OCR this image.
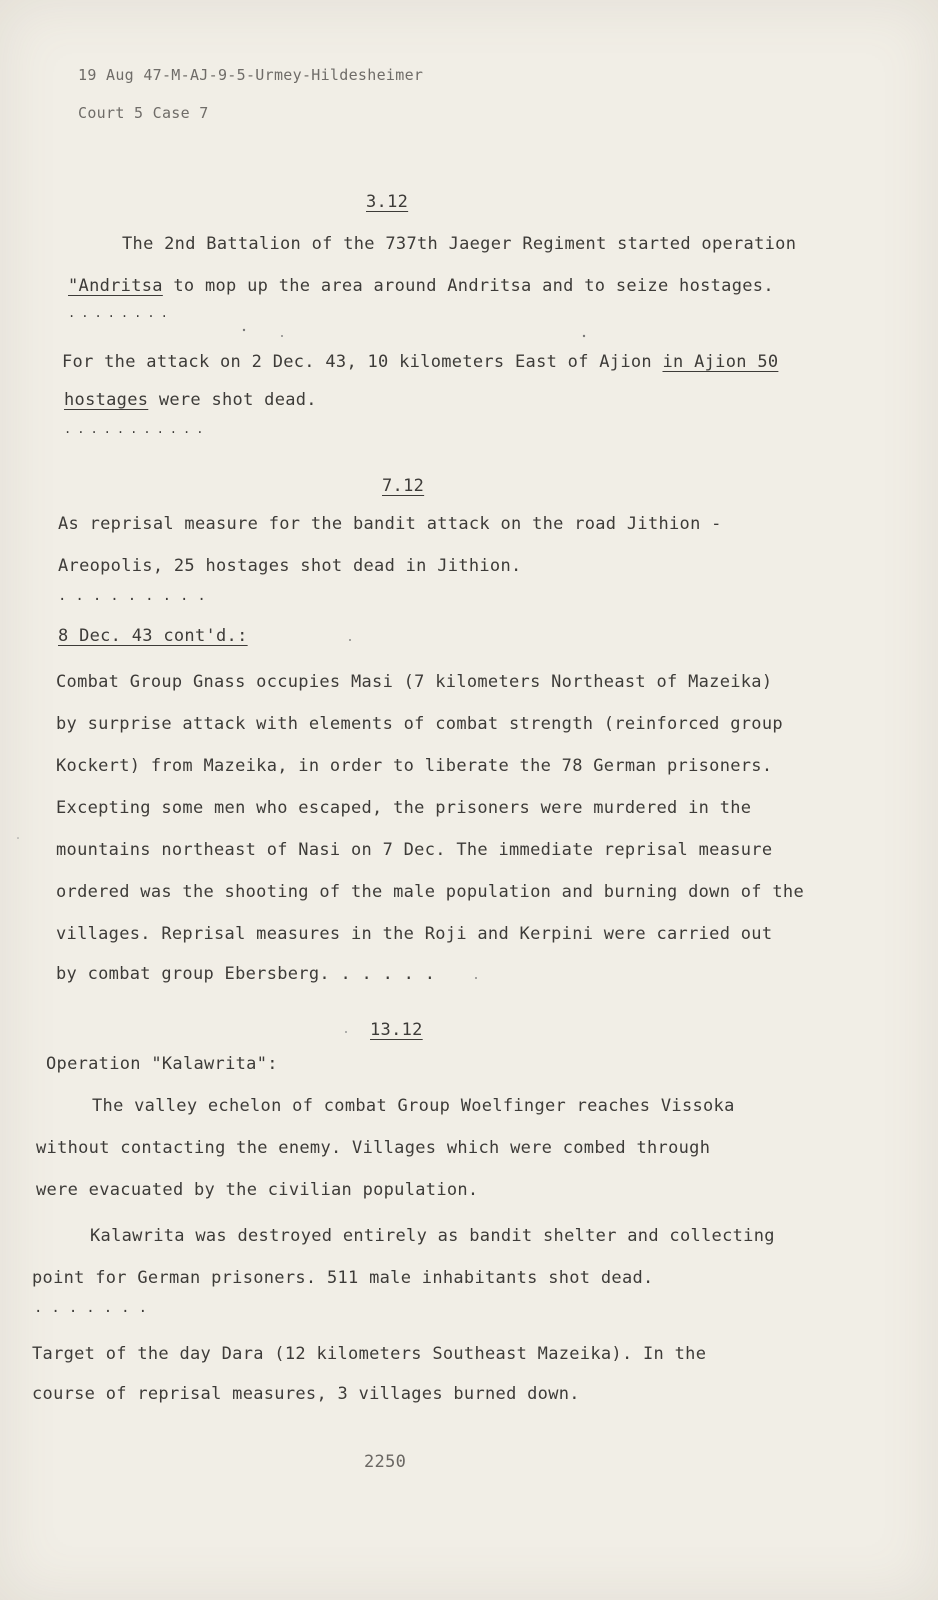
19 Aug 47-M-AJ-9-5-Urmey-Hildesheimer
Court 5 Case 7
3.12
The 2nd Battalion of the 737th Jaeger Regiment started operation
"Andritsa to mop up the area around Andritsa and to seize hostages.
........
For the attack on 2 Dec. 43, 10 kilometers East of Ajion in Ajion 50
hostages were shot dead.
...........
7.12
As reprisal measure for the bandit attack on the road Jithion -
Areopolis, 25 hostages shot dead in Jithion.
.........
8 Dec. 43 cont'd.:
Combat Group Gnass occupies Masi (7 kilometers Northeast of Mazeika)
by surprise attack with elements of combat strength (reinforced group
Kockert) from Mazeika, in order to liberate the 78 German prisoners.
Excepting some men who escaped, the prisoners were murdered in the
mountains northeast of Nasi on 7 Dec. The immediate reprisal measure
ordered was the shooting of the male population and burning down of the
villages. Reprisal measures in the Roji and Kerpini were carried out
by combat group Ebersberg. . . . . .
13.12
Operation "Kalawrita":
The valley echelon of combat Group Woelfinger reaches Vissoka
without contacting the enemy. Villages which were combed through
were evacuated by the civilian population.
Kalawrita was destroyed entirely as bandit shelter and collecting
point for German prisoners. 511 male inhabitants shot dead.
.......
Target of the day Dara (12 kilometers Southeast Mazeika). In the
course of reprisal measures, 3 villages burned down.
2250
